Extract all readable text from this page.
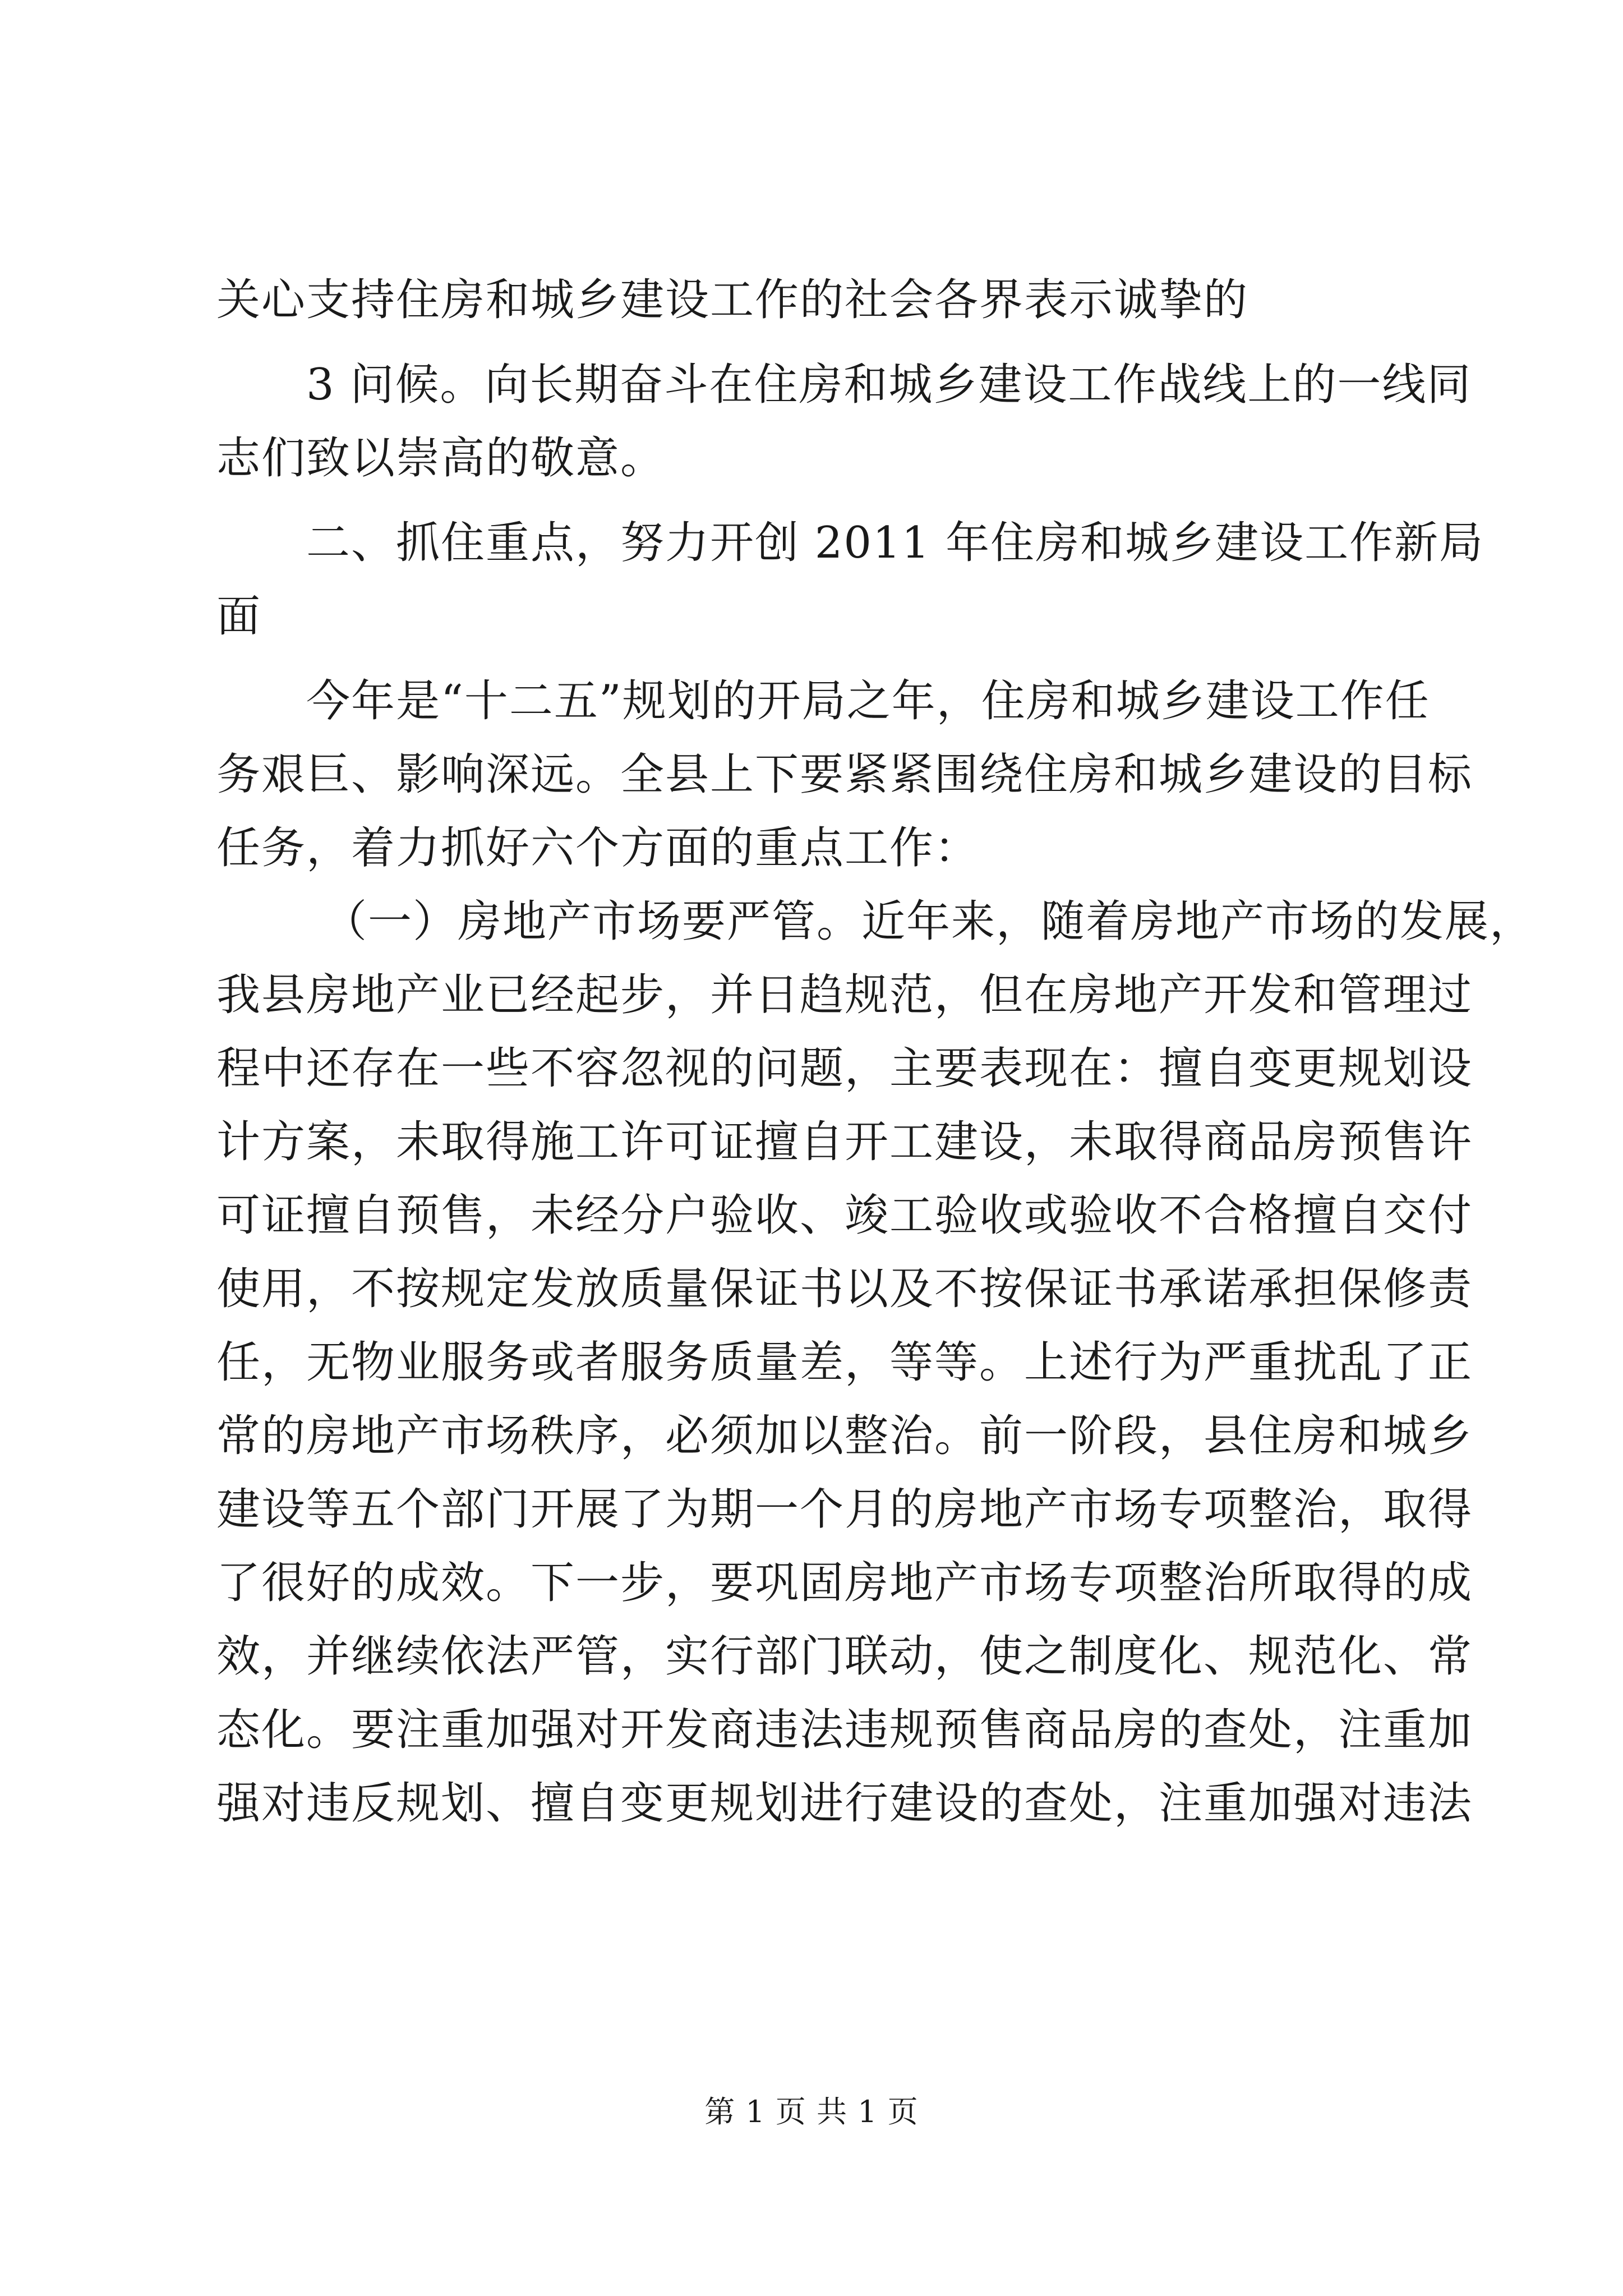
关心支持住房和城乡建设工作的社会各界表示诚挚的
3 问候。向长期奋斗在住房和城乡建设工作战线上的一线同
志们致以崇高的敬意。
二、抓住重点，努力开创 2011 年住房和城乡建设工作新局
面
今年是“十二五”规划的开局之年，住房和城乡建设工作任
务艰巨、影响深远。全县上下要紧紧围绕住房和城乡建设的目标
任务，着力抓好六个方面的重点工作：
（一）房地产市场要严管。近年来，随着房地产市场的发展，
我县房地产业已经起步，并日趋规范，但在房地产开发和管理过
程中还存在一些不容忽视的问题，主要表现在：擅自变更规划设
计方案，未取得施工许可证擅自开工建设，未取得商品房预售许
可证擅自预售，未经分户验收、竣工验收或验收不合格擅自交付
使用，不按规定发放质量保证书以及不按保证书承诺承担保修责
任，无物业服务或者服务质量差，等等。上述行为严重扰乱了正
常的房地产市场秩序，必须加以整治。前一阶段，县住房和城乡
建设等五个部门开展了为期一个月的房地产市场专项整治，取得
了很好的成效。下一步，要巩固房地产市场专项整治所取得的成
效，并继续依法严管，实行部门联动，使之制度化、规范化、常
态化。要注重加强对开发商违法违规预售商品房的查处，注重加
强对违反规划、擅自变更规划进行建设的查处，注重加强对违法
第 1 页 共 1 页
